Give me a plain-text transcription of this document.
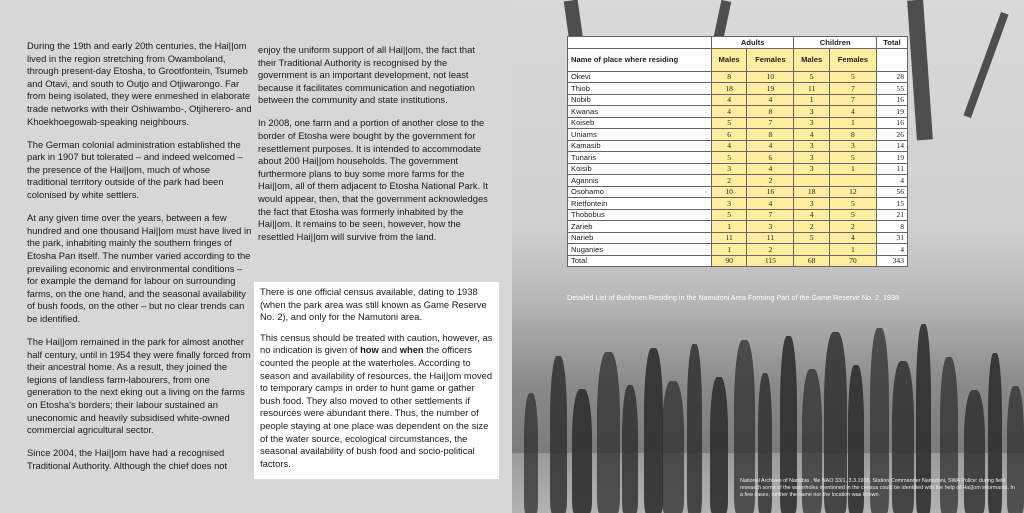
During the 19th and early 20th centuries, the Hai||om lived in the region stretching from Owamboland, through present-day Etosha, to Grootfontein, Tsumeb and Otavi, and south to Outjo and Otjiwarongo. Far from being isolated, they were enmeshed in elaborate trade networks with their Oshiwambo-, Otjiherero- and Khoekhoegowab-speaking neighbours.

The German colonial administration established the park in 1907 but tolerated – and indeed welcomed – the presence of the Hai||om, much of whose traditional territory outside of the park had been colonised by white settlers.

At any given time over the years, between a few hundred and one thousand Hai||om must have lived in the park, inhabiting mainly the southern fringes of Etosha Pan itself. The number varied according to the prevailing economic and environmental conditions – for example the demand for labour on surrounding farms, on the one hand, and the seasonal availability of bush foods, on the other – but no clear trends can be identified.

The Hai||om remained in the park for almost another half century, until in 1954 they were finally forced from their ancestral home. As a result, they joined the legions of landless farm-labourers, from one generation to the next eking out a living on the farms on Etosha's borders; their labour sustained an uneconomic and heavily subsidised white-owned commercial agricultural sector.

Since 2004, the Hai||om have had a recognised Traditional Authority. Although the chief does not

enjoy the uniform support of all Hai||om, the fact that their Traditional Authority is recognised by the government is an important development, not least because it facilitates communication and negotiation between the community and state institutions.

In 2008, one farm and a portion of another close to the border of Etosha were bought by the government for resettlement purposes. It is intended to accommodate about 200 Hai||om households. The government furthermore plans to buy some more farms for the Hai||om, all of them adjacent to Etosha National Park. It would appear, then, that the government acknowledges the fact that Etosha was formerly inhabited by the Hai||om. It remains to be seen, however, how the resettled Hai||om will survive from the land.

There is one official census available, dating to 1938 (when the park area was still known as Game Reserve No. 2), and only for the Namutoni area.

This census should be treated with caution, however, as no indication is given of how and when the officers counted the people at the waterholes. According to season and availability of resources, the Hai||om moved to temporary camps in order to hunt game or gather bush food. They also moved to other settlements if resources were abundant there. Thus, the number of people staying at one place was dependent on the size of the water source, ecological circumstances, the seasonal availability of bush food and socio-political factors.

	Adults		Children		Total
Name of place where residing	Males	Females	Males	Females	
Okevi	8	10	5	5	28
Thiob	18	19	11	7	55
Nobib	4	4	1	7	16
Kwanas	4	8	3	4	19
Koiseb	5	7	3	1	16
Uniams	6	8	4	8	26
Kamasib	4	4	3	3	14
Tunaris	5	6	3	5	19
Koisib	3	4	3	1	11
Agannis	2	2			4
Osohamo	10	16	18	12	56
Rietfontein	3	4	3	5	15
Thobobus	5	7	4	5	21
Zarieb	1	3	2	2	8
Narieb	11	11	5	4	31
Nuganies	1	2		1	4
Total	90	115	68	70	343
Detailed List of Bushmen Residing in the Namutoni Area Forming Part of the Game Reserve No. 2, 1938
National Archives of Namibia , file NAO 33/1, 3.3.1938, Station Commander Namutoni, SWA Police: during field research some of the waterholes mentioned in the census could be identified with the help of Hai||om informants. In a few cases, neither the name nor the location was known.
